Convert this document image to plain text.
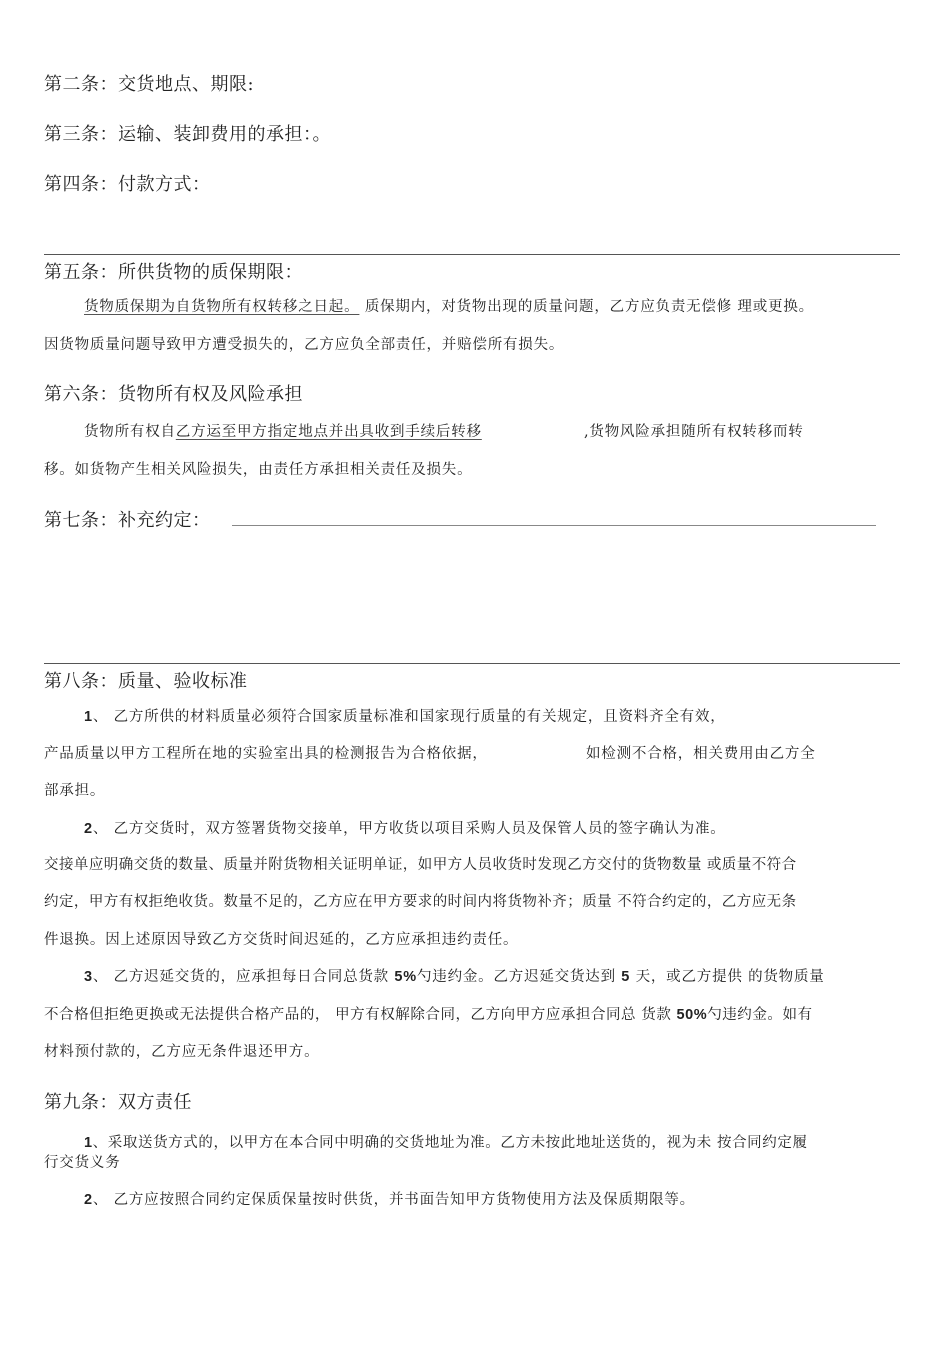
第二条：交货地点、期限:
第三条：运输、装卸费用的承担：。
第四条：付款方式：
第五条：所供货物的质保期限：
货物质保期为自货物所有权转移之日起。 质保期内，对货物出现的质量问题，乙方应负责无偿修 理或更换。
因货物质量问题导致甲方遭受损失的，乙方应负全部责任，并赔偿所有损失。
第六条：货物所有权及风险承担
货物所有权自乙方运至甲方指定地点并出具收到手续后转移	,货物风险承担随所有权转移而转
移。如货物产生相关风险损失，由责任方承担相关责任及损失。
第七条：补充约定：
第八条：质量、验收标准
1、 乙方所供的材料质量必须符合国家质量标准和国家现行质量的有关规定，且资料齐全有效，
产品质量以甲方工程所在地的实验室出具的检测报告为合格依据，	如检测不合格，相关费用由乙方全
部承担。
2、 乙方交货时，双方签署货物交接单，甲方收货以项目采购人员及保管人员的签字确认为准。
交接单应明确交货的数量、质量并附货物相关证明单证，如甲方人员收货时发现乙方交付的货物数量 或质量不符合
约定，甲方有权拒绝收货。数量不足的，乙方应在甲方要求的时间内将货物补齐；质量 不符合约定的，乙方应无条
件退换。因上述原因导致乙方交货时间迟延的，乙方应承担违约责任。
3、 乙方迟延交货的，应承担每日合同总货款 5%勺违约金。乙方迟延交货达到 5 天，或乙方提供 的货物质量
不合格但拒绝更换或无法提供合格产品的， 甲方有权解除合同，乙方向甲方应承担合同总 货款 50%勺违约金。如有
材料预付款的，乙方应无条件退还甲方。
第九条：双方责任
1、采取送货方式的，以甲方在本合同中明确的交货地址为准。乙方未按此地址送货的，视为未 按合同约定履
行交货义务
2、 乙方应按照合同约定保质保量按时供货，并书面告知甲方货物使用方法及保质期限等。
